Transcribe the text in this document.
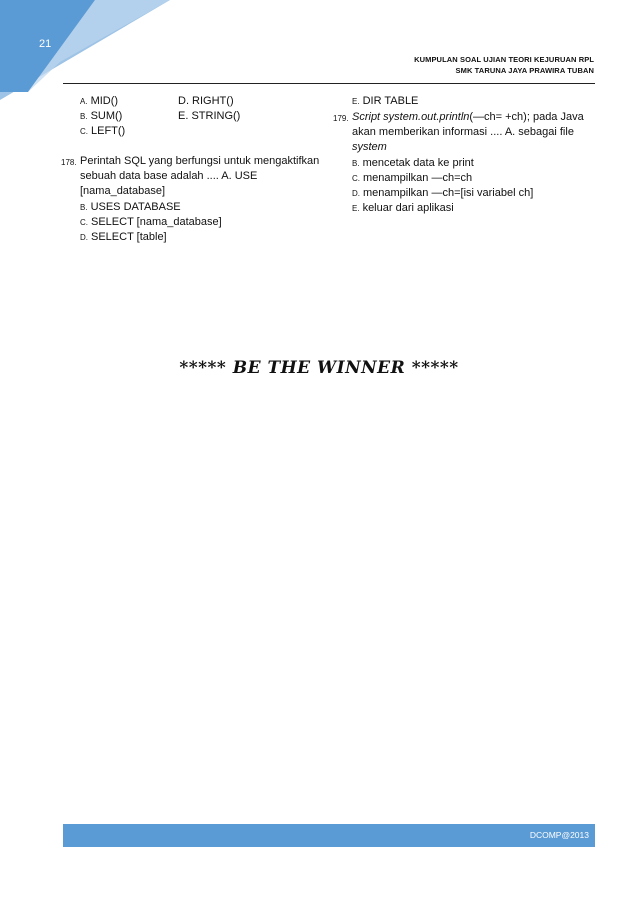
21
KUMPULAN SOAL UJIAN TEORI KEJURUAN RPL
SMK TARUNA JAYA PRAWIRA TUBAN
A. MID()
B. SUM()
C. LEFT()
D. RIGHT()
E. STRING()
178. Perintah SQL yang berfungsi untuk mengaktifkan
sebuah data base adalah .... A. USE
[nama_database]
B. USES DATABASE
C. SELECT [nama_database]
D. SELECT [table]
E. DIR TABLE
179. Script system.out.println(—ch= +ch); pada Java
akan memberikan informasi .... A. sebagai file
system
B. mencetak data ke print
C. menampilkan —ch=ch
D. menampilkan —ch=[isi variabel ch]
E. keluar dari aplikasi
***** BE THE WINNER *****
DCOMP@2013
